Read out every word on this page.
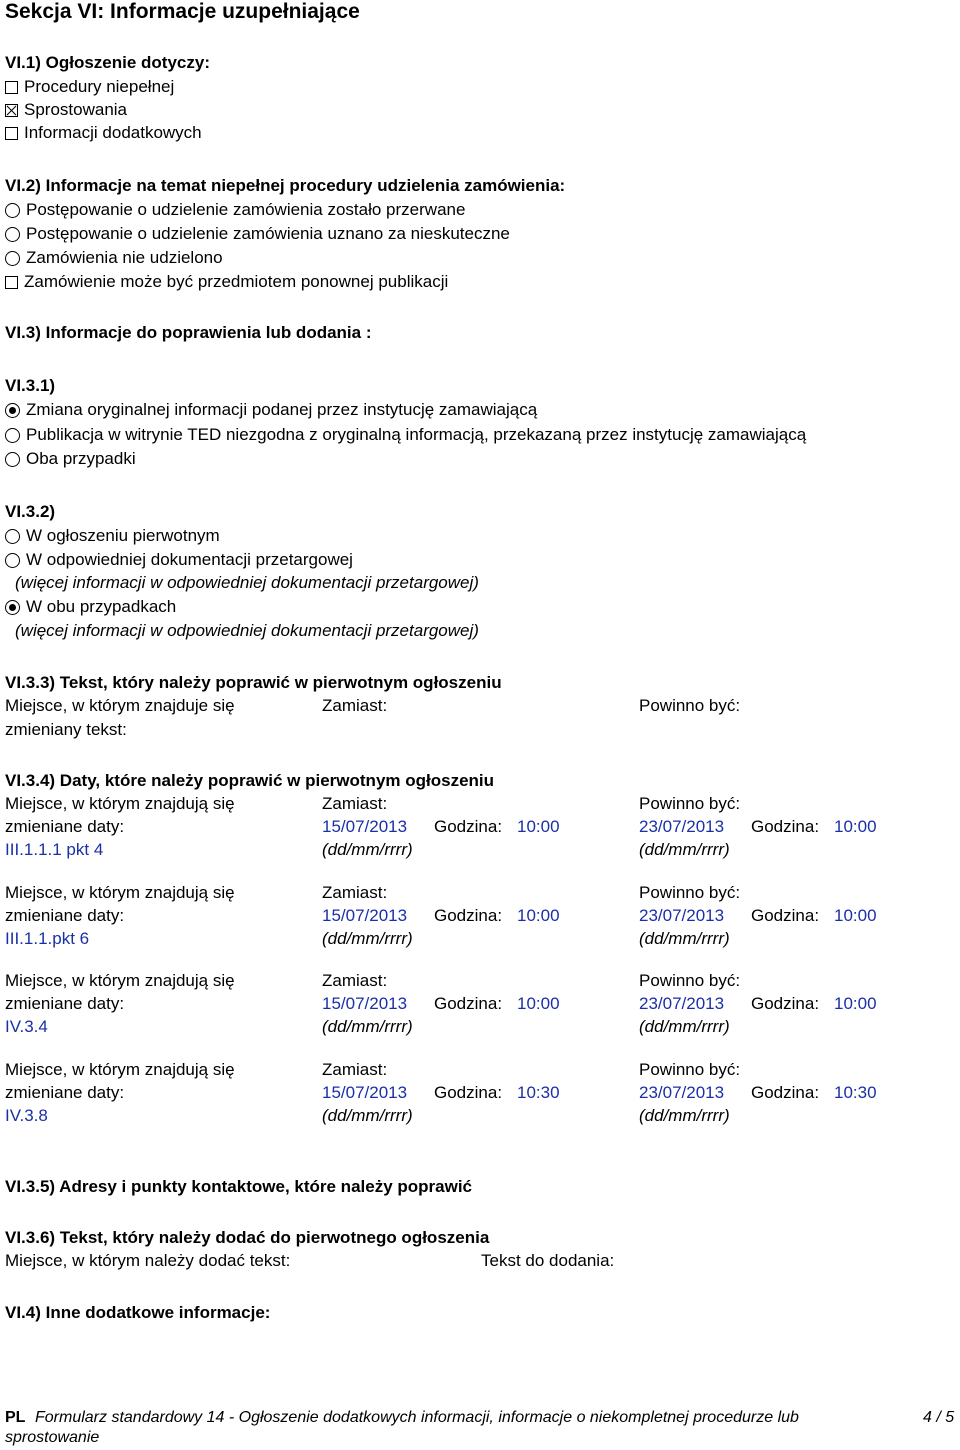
Sekcja VI: Informacje uzupełniające
VI.1) Ogłoszenie dotyczy:
Procedury niepełnej
Sprostowania
Informacji dodatkowych
VI.2) Informacje na temat niepełnej procedury udzielenia zamówienia:
Postępowanie o udzielenie zamówienia zostało przerwane
Postępowanie o udzielenie zamówienia uznano za nieskuteczne
Zamówienia nie udzielono
Zamówienie może być przedmiotem ponownej publikacji
VI.3) Informacje do poprawienia lub dodania :
VI.3.1)
Zmiana oryginalnej informacji podanej przez instytucję zamawiającą
Publikacja w witrynie TED niezgodna z oryginalną informacją, przekazaną przez instytucję zamawiającą
Oba przypadki
VI.3.2)
W ogłoszeniu pierwotnym
W odpowiedniej dokumentacji przetargowej
(więcej informacji w odpowiedniej dokumentacji przetargowej)
W obu przypadkach
(więcej informacji w odpowiedniej dokumentacji przetargowej)
VI.3.3) Tekst, który należy poprawić w pierwotnym ogłoszeniu
Miejsce, w którym znajduje się
zmieniany tekst:
Zamiast:	Powinno być:
VI.3.4) Daty, które należy poprawić w pierwotnym ogłoszeniu
Miejsce, w którym znajdują się
zmieniane daty:
III.1.1.1 pkt 4
Zamiast:
15/07/2013 Godzina: 10:00
(dd/mm/rrrr)
Powinno być:
23/07/2013 Godzina: 10:00
(dd/mm/rrrr)
Miejsce, w którym znajdują się
zmieniane daty:
III.1.1.pkt 6
Zamiast:
15/07/2013 Godzina: 10:00
(dd/mm/rrrr)
Powinno być:
23/07/2013 Godzina: 10:00
(dd/mm/rrrr)
Miejsce, w którym znajdują się
zmieniane daty:
IV.3.4
Zamiast:
15/07/2013 Godzina: 10:00
(dd/mm/rrrr)
Powinno być:
23/07/2013 Godzina: 10:00
(dd/mm/rrrr)
Miejsce, w którym znajdują się
zmieniane daty:
IV.3.8
Zamiast:
15/07/2013 Godzina: 10:30
(dd/mm/rrrr)
Powinno być:
23/07/2013 Godzina: 10:30
(dd/mm/rrrr)
VI.3.5) Adresy i punkty kontaktowe, które należy poprawić
VI.3.6) Tekst, który należy dodać do pierwotnego ogłoszenia
Miejsce, w którym należy dodać tekst:	Tekst do dodania:
VI.4) Inne dodatkowe informacje:
PL Formularz standardowy 14 - Ogłoszenie dodatkowych informacji, informacje o niekompletnej procedurze lub
sprostowanie
4 / 5
